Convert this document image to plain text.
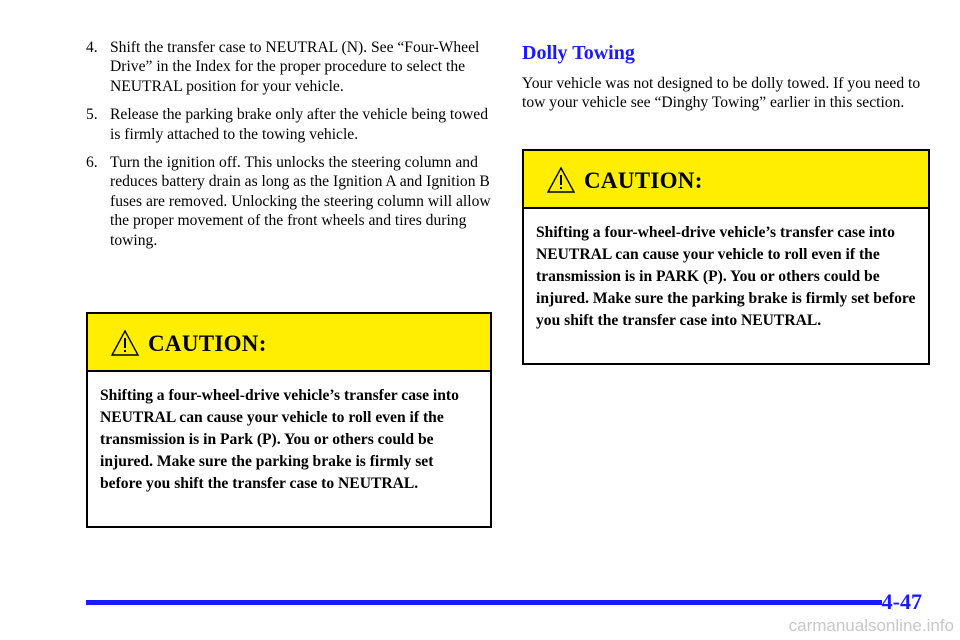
4. Shift the transfer case to NEUTRAL (N). See “Four-Wheel Drive” in the Index for the proper procedure to select the NEUTRAL position for your vehicle.
5. Release the parking brake only after the vehicle being towed is firmly attached to the towing vehicle.
6. Turn the ignition off. This unlocks the steering column and reduces battery drain as long as the Ignition A and Ignition B fuses are removed. Unlocking the steering column will allow the proper movement of the front wheels and tires during towing.
CAUTION:
Shifting a four-wheel-drive vehicle’s transfer case into NEUTRAL can cause your vehicle to roll even if the transmission is in Park (P). You or others could be injured. Make sure the parking brake is firmly set before you shift the transfer case to NEUTRAL.
Dolly Towing

Your vehicle was not designed to be dolly towed. If you need to tow your vehicle see “Dinghy Towing” earlier in this section.

CAUTION:
Shifting a four-wheel-drive vehicle’s transfer case into NEUTRAL can cause your vehicle to roll even if the transmission is in PARK (P). You or others could be injured. Make sure the parking brake is firmly set before you shift the transfer case into NEUTRAL.
4-47
carmanualsonline.info
